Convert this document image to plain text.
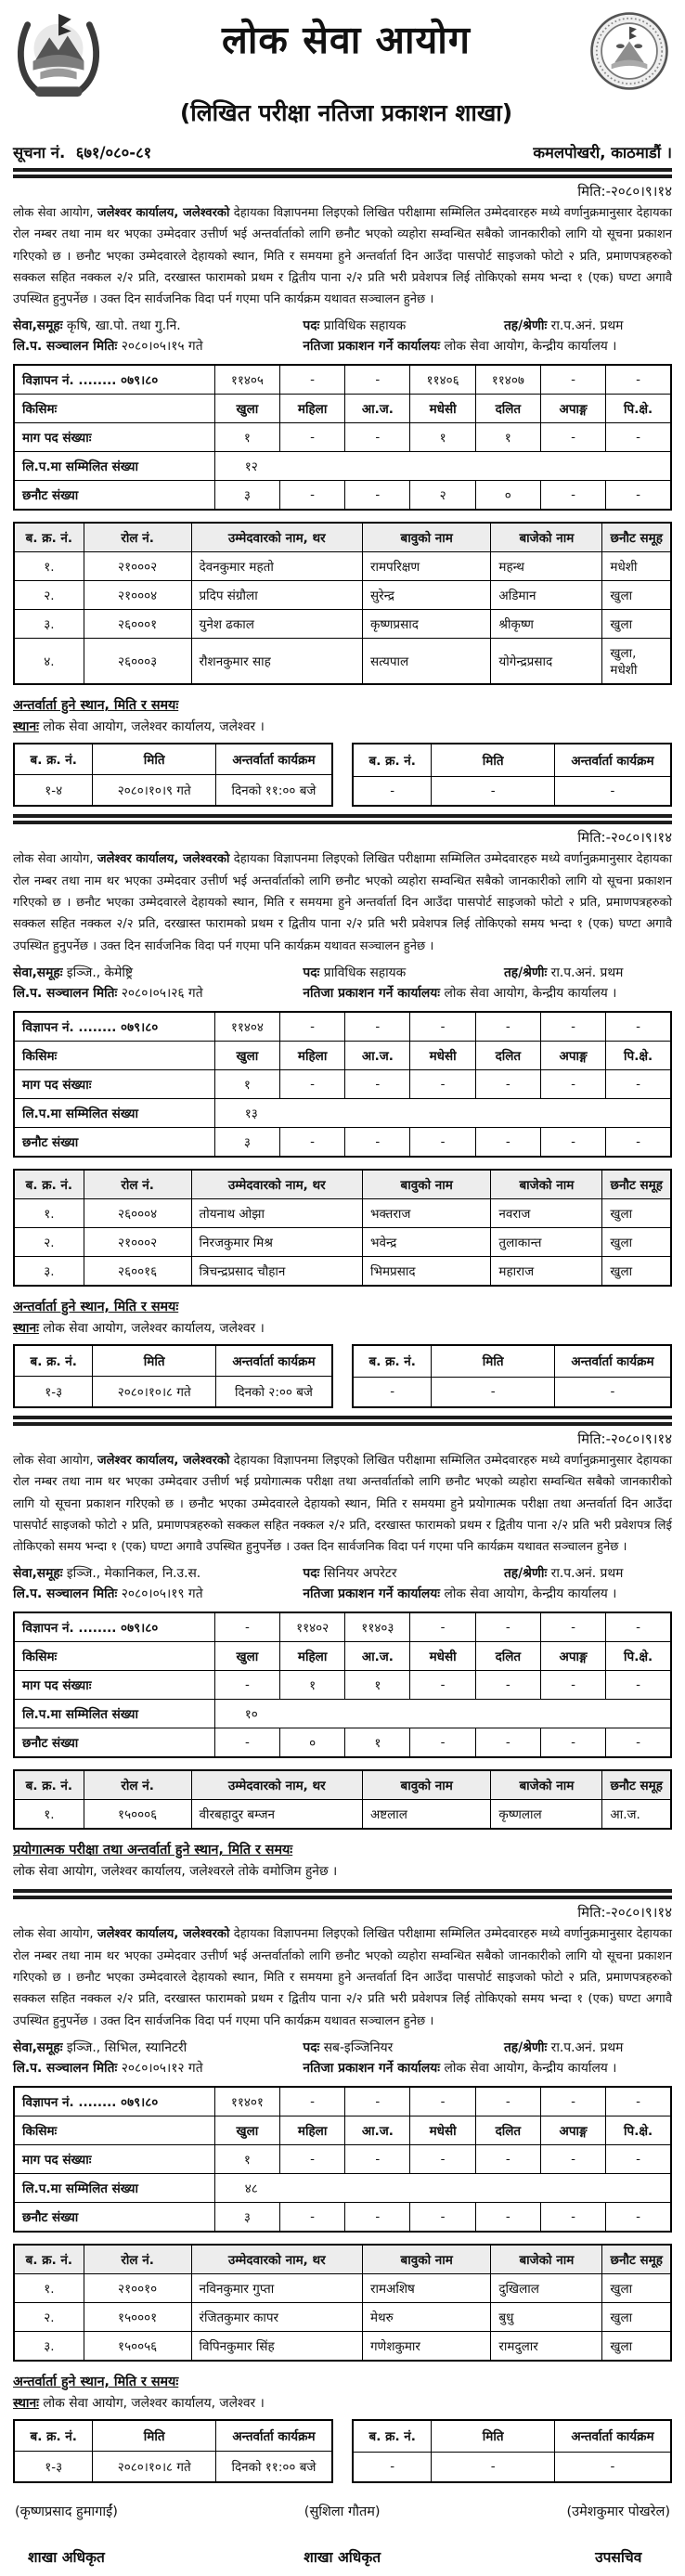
लोक सेवा आयोग
(लिखित परीक्षा नतिजा प्रकाशन शाखा)
सूचना नं. ६७१/०८०-८१	कमलपोखरी, काठमाडौं ।
मिति:-२०८०।९।१४

लोक सेवा आयोग, जलेश्वर कार्यालय, जलेश्वरको देहायका विज्ञापनमा लिइएको लिखित परीक्षामा सम्मिलित उम्मेदवारहरु मध्ये वर्णानुक्रमानुसार देहायका रोल नम्बर तथा नाम थर भएका उम्मेदवार उत्तीर्ण भई अन्तर्वार्ताको लागि छनौट भएको व्यहोरा सम्वन्धित सबैको जानकारीको लागि यो सूचना प्रकाशन गरिएको छ । छनौट भएका उम्मेदवारले देहायको स्थान, मिति र समयमा हुने अन्तर्वार्ता दिन आउँदा पासपोर्ट साइजको फोटो २ प्रति, प्रमाणपत्रहरुको सक्कल सहित नक्कल २/२ प्रति, दरखास्त फारामको प्रथम र द्वितीय पाना २/२ प्रति भरी प्रवेशपत्र लिई तोकिएको समय भन्दा १ (एक) घण्टा अगावै उपस्थित हुनुपर्नेछ । उक्त दिन सार्वजनिक विदा पर्न गएमा पनि कार्यक्रम यथावत सञ्चालन हुनेछ ।

सेवा,समूहः कृषि, खा.पो. तथा गु.नि.	पदः प्राविधिक सहायक	तह/श्रेणीः रा.प.अनं. प्रथम
लि.प. सञ्चालन मितिः २०८०।०५।१५ गते	नतिजा प्रकाशन गर्ने कार्यालयः लोक सेवा आयोग, केन्द्रीय कार्यालय ।
विज्ञापन नं. ........ ०७९।८०	११४०५	-	-	११४०६	११४०७	-	-
किसिमः	खुला	महिला	आ.ज.	मधेसी	दलित	अपाङ्ग	पि.क्षे.
माग पद संख्याः	१	-	-	१	१	-	-
लि.प.मा सम्मिलित संख्या	१२						
छनौट संख्या	३	-	-	२	०	-	-
ब. क्र. नं.	रोल नं.	उम्मेदवारको नाम, थर	बावुको नाम	बाजेको नाम	छनौट समूह
१.	२१०००२	देवनकुमार महतो	रामपरिक्षण	महन्थ	मधेशी
२.	२१०००४	प्रदिप संग्रौला	सुरेन्द्र	अडिमान	खुला
३.	२६०००१	युनेश ढकाल	कृष्णप्रसाद	श्रीकृष्ण	खुला
४.	२६०००३	रौशनकुमार साह	सत्यपाल	योगेन्द्रप्रसाद	खुला, मधेशी
अन्तर्वार्ता हुने स्थान, मिति र समयः
स्थानः लोक सेवा आयोग, जलेश्वर कार्यालय, जलेश्वर ।
ब. क्र. नं.	मिति	अन्तर्वार्ता कार्यक्रम
१-४	२०८०।१०।९ गते	दिनको ११:०० बजे
ब. क्र. नं.	मिति	अन्तर्वार्ता कार्यक्रम
-	-	-
मिति:-२०८०।९।१४

लोक सेवा आयोग, जलेश्वर कार्यालय, जलेश्वरको देहायका विज्ञापनमा लिइएको लिखित परीक्षामा सम्मिलित उम्मेदवारहरु मध्ये वर्णानुक्रमानुसार देहायका रोल नम्बर तथा नाम थर भएका उम्मेदवार उत्तीर्ण भई अन्तर्वार्ताको लागि छनौट भएको व्यहोरा सम्वन्धित सबैको जानकारीको लागि यो सूचना प्रकाशन गरिएको छ । छनौट भएका उम्मेदवारले देहायको स्थान, मिति र समयमा हुने अन्तर्वार्ता दिन आउँदा पासपोर्ट साइजको फोटो २ प्रति, प्रमाणपत्रहरुको सक्कल सहित नक्कल २/२ प्रति, दरखास्त फारामको प्रथम र द्वितीय पाना २/२ प्रति भरी प्रवेशपत्र लिई तोकिएको समय भन्दा १ (एक) घण्टा अगावै उपस्थित हुनुपर्नेछ । उक्त दिन सार्वजनिक विदा पर्न गएमा पनि कार्यक्रम यथावत सञ्चालन हुनेछ ।

सेवा,समूहः इञ्जि., केमेष्ट्रि	पदः प्राविधिक सहायक	तह/श्रेणीः रा.प.अनं. प्रथम
लि.प. सञ्चालन मितिः २०८०।०५।२६ गते	नतिजा प्रकाशन गर्ने कार्यालयः लोक सेवा आयोग, केन्द्रीय कार्यालय ।
विज्ञापन नं. ........ ०७९।८०	११४०४	-	-	-	-	-	-
किसिमः	खुला	महिला	आ.ज.	मधेसी	दलित	अपाङ्ग	पि.क्षे.
माग पद संख्याः	१	-	-	-	-	-	-
लि.प.मा सम्मिलित संख्या	१३						
छनौट संख्या	३	-	-	-	-	-	-
ब. क्र. नं.	रोल नं.	उम्मेदवारको नाम, थर	बावुको नाम	बाजेको नाम	छनौट समूह
१.	२६०००४	तोयनाथ ओझा	भक्तराज	नवराज	खुला
२.	२१०००२	निरजकुमार मिश्र	भवेन्द्र	तुलाकान्त	खुला
३.	२६००१६	त्रिचन्द्रप्रसाद चौहान	भिमप्रसाद	महाराज	खुला
अन्तर्वार्ता हुने स्थान, मिति र समयः
स्थानः लोक सेवा आयोग, जलेश्वर कार्यालय, जलेश्वर ।
ब. क्र. नं.	मिति	अन्तर्वार्ता कार्यक्रम
१-३	२०८०।१०।८ गते	दिनको २:०० बजे
ब. क्र. नं.	मिति	अन्तर्वार्ता कार्यक्रम
-	-	-
मिति:-२०८०।९।१४

लोक सेवा आयोग, जलेश्वर कार्यालय, जलेश्वरको देहायका विज्ञापनमा लिइएको लिखित परीक्षामा सम्मिलित उम्मेदवारहरु मध्ये वर्णानुक्रमानुसार देहायका रोल नम्बर तथा नाम थर भएका उम्मेदवार उत्तीर्ण भई प्रयोगात्मक परीक्षा तथा अन्तर्वार्ताको लागि छनौट भएको व्यहोरा सम्वन्धित सबैको जानकारीको लागि यो सूचना प्रकाशन गरिएको छ । छनौट भएका उम्मेदवारले देहायको स्थान, मिति र समयमा हुने प्रयोगात्मक परीक्षा तथा अन्तर्वार्ता दिन आउँदा पासपोर्ट साइजको फोटो २ प्रति, प्रमाणपत्रहरुको सक्कल सहित नक्कल २/२ प्रति, दरखास्त फारामको प्रथम र द्वितीय पाना २/२ प्रति भरी प्रवेशपत्र लिई तोकिएको समय भन्दा १ (एक) घण्टा अगावै उपस्थित हुनुपर्नेछ । उक्त दिन सार्वजनिक विदा पर्न गएमा पनि कार्यक्रम यथावत सञ्चालन हुनेछ ।

सेवा,समूहः इञ्जि., मेकानिकल, नि.उ.स.	पदः सिनियर अपरेटर	तह/श्रेणीः रा.प.अनं. प्रथम
लि.प. सञ्चालन मितिः २०८०।०५।१९ गते	नतिजा प्रकाशन गर्ने कार्यालयः लोक सेवा आयोग, केन्द्रीय कार्यालय ।
विज्ञापन नं. ........ ०७९।८०	-	११४०२	११४०३	-	-	-	-
किसिमः	खुला	महिला	आ.ज.	मधेसी	दलित	अपाङ्ग	पि.क्षे.
माग पद संख्याः	-	१	१	-	-	-	-
लि.प.मा सम्मिलित संख्या	१०						
छनौट संख्या	-	०	१	-	-	-	-
ब. क्र. नं.	रोल नं.	उम्मेदवारको नाम, थर	बावुको नाम	बाजेको नाम	छनौट समूह
१.	१५०००६	वीरबहादुर बम्जन	अष्टलाल	कृष्णलाल	आ.ज.
प्रयोगात्मक परीक्षा तथा अन्तर्वार्ता हुने स्थान, मिति र समयः
लोक सेवा आयोग, जलेश्वर कार्यालय, जलेश्वरले तोके वमोजिम हुनेछ ।
मिति:-२०८०।९।१४

लोक सेवा आयोग, जलेश्वर कार्यालय, जलेश्वरको देहायका विज्ञापनमा लिइएको लिखित परीक्षामा सम्मिलित उम्मेदवारहरु मध्ये वर्णानुक्रमानुसार देहायका रोल नम्बर तथा नाम थर भएका उम्मेदवार उत्तीर्ण भई अन्तर्वार्ताको लागि छनौट भएको व्यहोरा सम्वन्धित सबैको जानकारीको लागि यो सूचना प्रकाशन गरिएको छ । छनौट भएका उम्मेदवारले देहायको स्थान, मिति र समयमा हुने अन्तर्वार्ता दिन आउँदा पासपोर्ट साइजको फोटो २ प्रति, प्रमाणपत्रहरुको सक्कल सहित नक्कल २/२ प्रति, दरखास्त फारामको प्रथम र द्वितीय पाना २/२ प्रति भरी प्रवेशपत्र लिई तोकिएको समय भन्दा १ (एक) घण्टा अगावै उपस्थित हुनुपर्नेछ । उक्त दिन सार्वजनिक विदा पर्न गएमा पनि कार्यक्रम यथावत सञ्चालन हुनेछ ।

सेवा,समूहः इञ्जि., सिभिल, स्यानिटरी	पदः सब-इञ्जिनियर	तह/श्रेणीः रा.प.अनं. प्रथम
लि.प. सञ्चालन मितिः २०८०।०५।१२ गते	नतिजा प्रकाशन गर्ने कार्यालयः लोक सेवा आयोग, केन्द्रीय कार्यालय ।
विज्ञापन नं. ........ ०७९।८०	११४०१	-	-	-	-	-	-
किसिमः	खुला	महिला	आ.ज.	मधेसी	दलित	अपाङ्ग	पि.क्षे.
माग पद संख्याः	१	-	-	-	-	-	-
लि.प.मा सम्मिलित संख्या	४८						
छनौट संख्या	३	-	-	-	-	-	-
ब. क्र. नं.	रोल नं.	उम्मेदवारको नाम, थर	बावुको नाम	बाजेको नाम	छनौट समूह
१.	२१००१०	नविनकुमार गुप्ता	रामअशिष	दुखिलाल	खुला
२.	१५०००१	रंजितकुमार कापर	मेथरु	बुधु	खुला
३.	१५००५६	विपिनकुमार सिंह	गणेशकुमार	रामदुलार	खुला
अन्तर्वार्ता हुने स्थान, मिति र समयः
स्थानः लोक सेवा आयोग, जलेश्वर कार्यालय, जलेश्वर ।
ब. क्र. नं.	मिति	अन्तर्वार्ता कार्यक्रम
१-३	२०८०।१०।८ गते	दिनको ११:०० बजे
ब. क्र. नं.	मिति	अन्तर्वार्ता कार्यक्रम
-	-	-
(कृष्णप्रसाद हुमागाईं)
शाखा अधिकृत
(सुशिला गौतम)
शाखा अधिकृत
(उमेशकुमार पोखरेल)
उपसचिव
